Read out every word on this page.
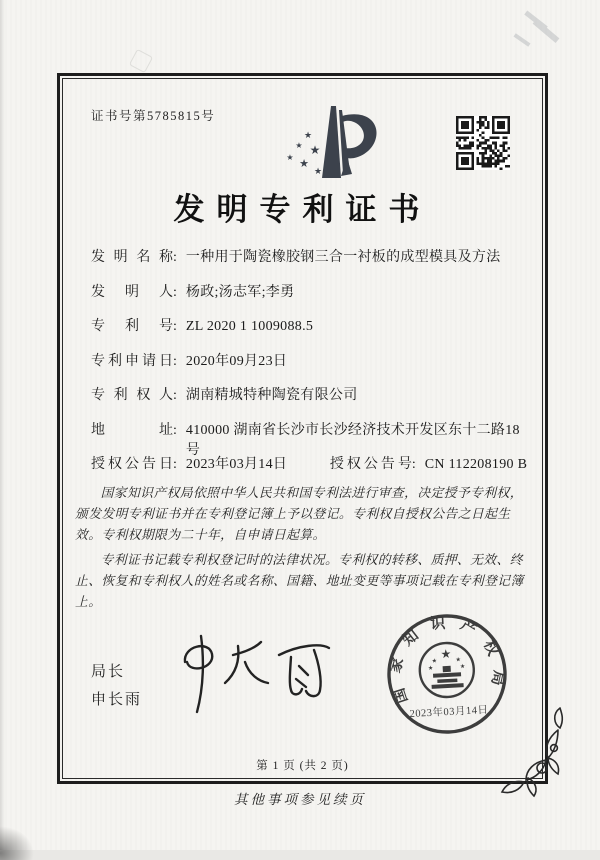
证书号第5785815号
★
★ ★
★ ★
★
发明专利证书
发明名称 : 一种用于陶瓷橡胶钢三合一衬板的成型模具及方法
发明人 : 杨政;汤志军;李勇
专利号 : ZL 2020 1 1009088.5
专利申请日 : 2020年09月23日
专利权人 : 湖南精城特种陶瓷有限公司
地址 : 410000 湖南省长沙市长沙经济技术开发区东十二路18号
授权公告日 : 2023年03月14日	授权公告号 : CN 112208190 B

国家知识产权局依照中华人民共和国专利法进行审查，决定授予专利权，颁发发明专利证书并在专利登记簿上予以登记。专利权自授权公告之日起生效。专利权期限为二十年，自申请日起算。

专利证书记载专利权登记时的法律状况。专利权的转移、质押、无效、终止、恢复和专利权人的姓名或名称、国籍、地址变更等事项记载在专利登记簿上。

局长
申长雨	国家知识产权局
★
★	★
★	★
2023年03月14日
第 1 页 (共 2 页)
其他事项参见续页
